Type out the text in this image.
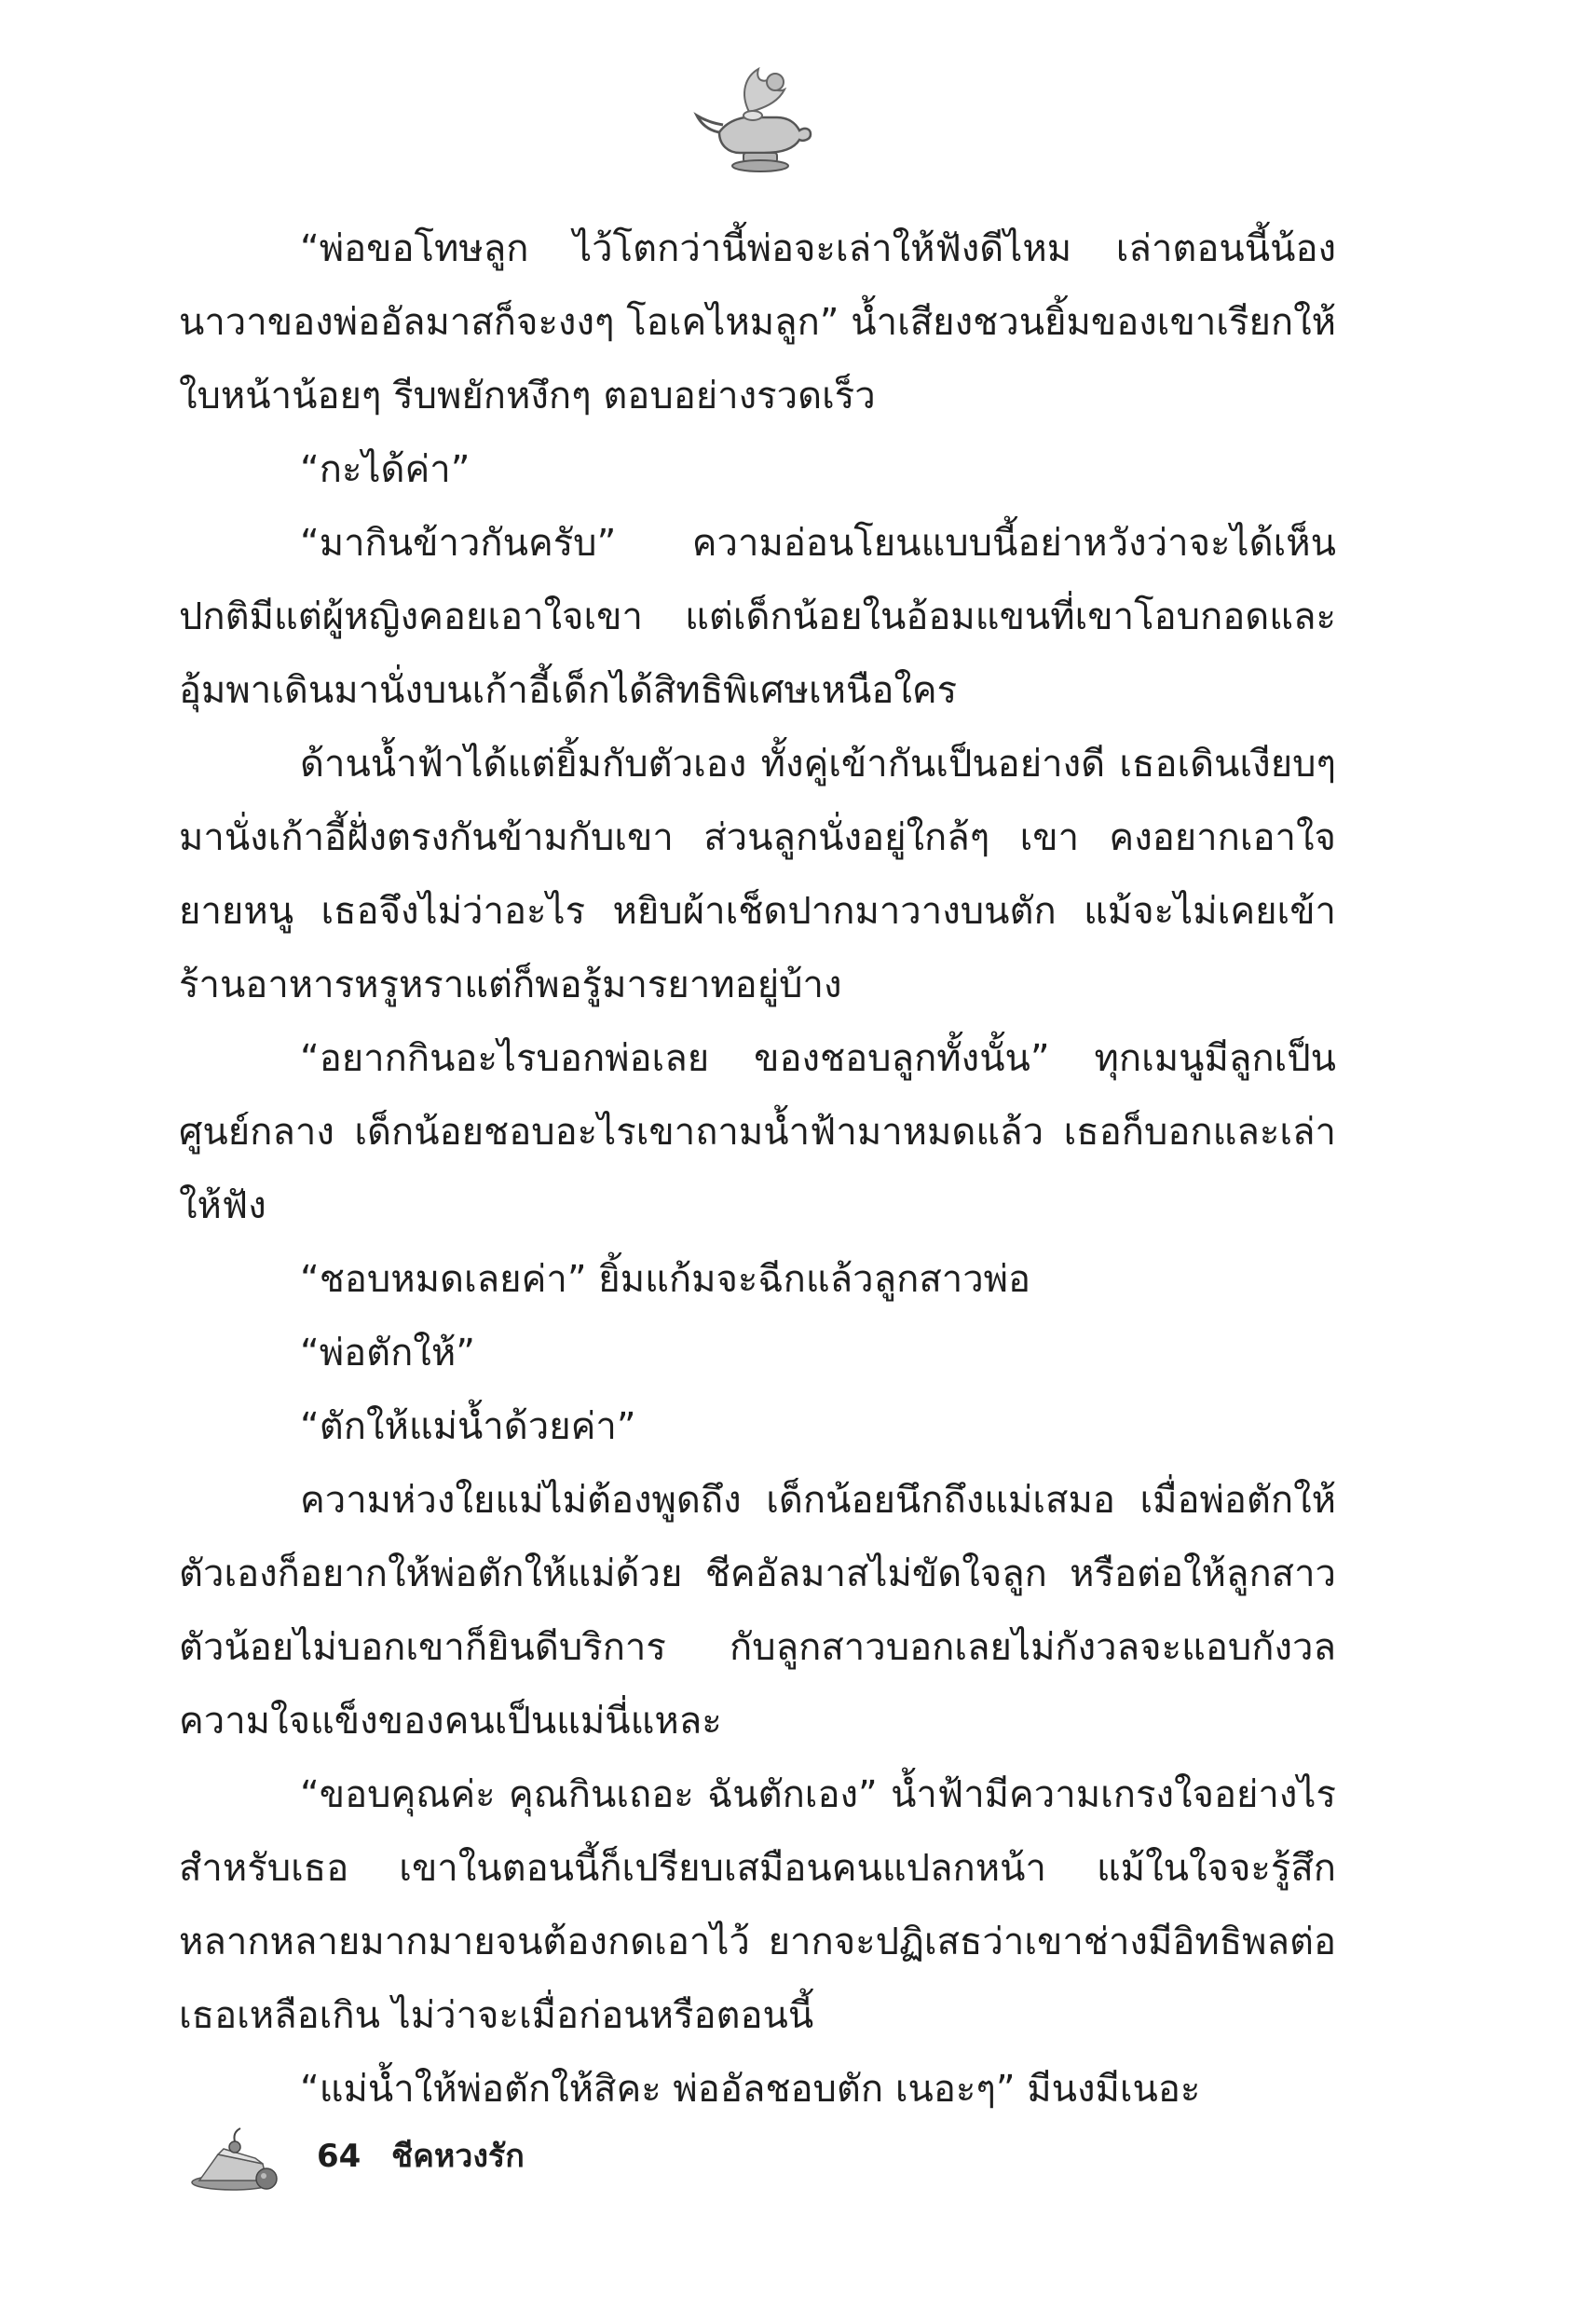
“พ่อขอโทษลูก ไว้โตกว่านี้พ่อจะเล่าให้ฟังดีไหม เล่าตอนนี้น้องนาวาของพ่ออัลมาสก็จะงงๆ โอเคไหมลูก” น้ำเสียงชวนยิ้มของเขาเรียกให้ใบหน้าน้อยๆ รีบพยักหงึกๆ ตอบอย่างรวดเร็ว

“กะได้ค่า”

“มากินข้าวกันครับ” ความอ่อนโยนแบบนี้อย่าหวังว่าจะได้เห็นปกติมีแต่ผู้หญิงคอยเอาใจเขา แต่เด็กน้อยในอ้อมแขนที่เขาโอบกอดและอุ้มพาเดินมานั่งบนเก้าอี้เด็กได้สิทธิพิเศษเหนือใคร

ด้านน้ำฟ้าได้แต่ยิ้มกับตัวเอง ทั้งคู่เข้ากันเป็นอย่างดี เธอเดินเงียบๆ มานั่งเก้าอี้ฝั่งตรงกันข้ามกับเขา ส่วนลูกนั่งอยู่ใกล้ๆ เขา คงอยากเอาใจยายหนู เธอจึงไม่ว่าอะไร หยิบผ้าเช็ดปากมาวางบนตัก แม้จะไม่เคยเข้าร้านอาหารหรูหราแต่ก็พอรู้มารยาทอยู่บ้าง

“อยากกินอะไรบอกพ่อเลย ของชอบลูกทั้งนั้น” ทุกเมนูมีลูกเป็นศูนย์กลาง เด็กน้อยชอบอะไรเขาถามน้ำฟ้ามาหมดแล้ว เธอก็บอกและเล่าให้ฟัง

“ชอบหมดเลยค่า” ยิ้มแก้มจะฉีกแล้วลูกสาวพ่อ

“พ่อตักให้”

“ตักให้แม่น้ำด้วยค่า”

ความห่วงใยแม่ไม่ต้องพูดถึง เด็กน้อยนึกถึงแม่เสมอ เมื่อพ่อตักให้ตัวเองก็อยากให้พ่อตักให้แม่ด้วย ชีคอัลมาสไม่ขัดใจลูก หรือต่อให้ลูกสาวตัวน้อยไม่บอกเขาก็ยินดีบริการ กับลูกสาวบอกเลยไม่กังวลจะแอบกังวลความใจแข็งของคนเป็นแม่นี่แหละ

“ขอบคุณค่ะ คุณกินเถอะ ฉันตักเอง” น้ำฟ้ามีความเกรงใจอย่างไรสำหรับเธอ เขาในตอนนี้ก็เปรียบเสมือนคนแปลกหน้า แม้ในใจจะรู้สึกหลากหลายมากมายจนต้องกดเอาไว้ ยากจะปฏิเสธว่าเขาช่างมีอิทธิพลต่อเธอเหลือเกิน ไม่ว่าจะเมื่อก่อนหรือตอนนี้

“แม่น้ำให้พ่อตักให้สิคะ พ่ออัลชอบตัก เนอะๆ” มีนงมีเนอะ

64 ชีคหวงรัก
